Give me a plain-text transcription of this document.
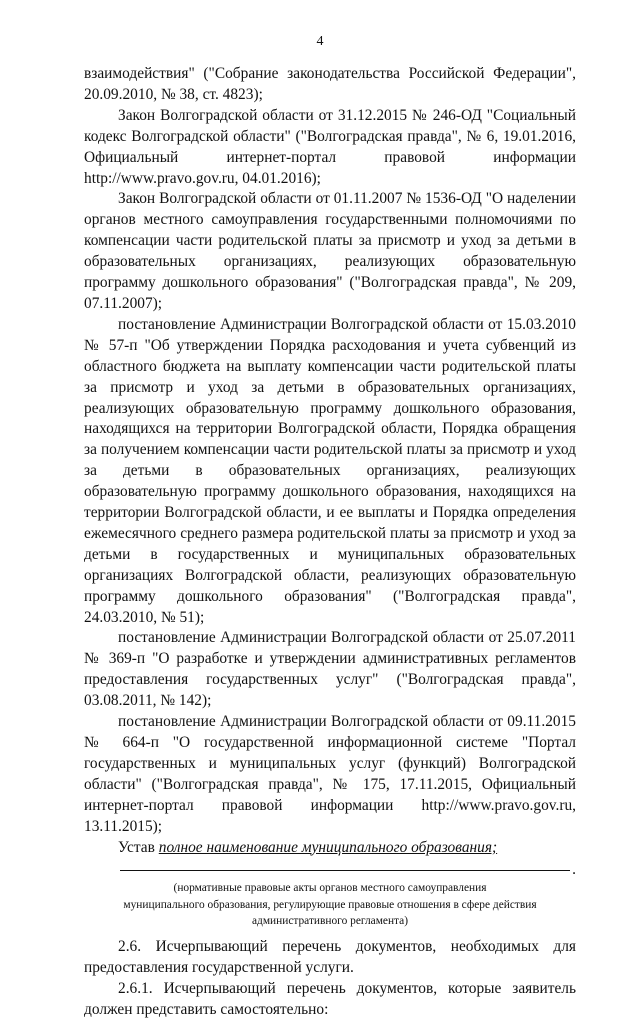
4

взаимодействия" ("Собрание законодательства Российской Федерации", 20.09.2010, № 38, ст. 4823);

Закон Волгоградской области от 31.12.2015 № 246-ОД "Социальный кодекс Волгоградской области" ("Волгоградская правда", № 6, 19.01.2016, Официальный интернет-портал правовой информации http://www.pravo.gov.ru, 04.01.2016);

Закон Волгоградской области от 01.11.2007 № 1536-ОД "О наделении органов местного самоуправления государственными полномочиями по компенсации части родительской платы за присмотр и уход за детьми в образовательных организациях, реализующих образовательную программу дошкольного образования" ("Волгоградская правда", № 209, 07.11.2007);

постановление Администрации Волгоградской области от 15.03.2010 № 57-п "Об утверждении Порядка расходования и учета субвенций из областного бюджета на выплату компенсации части родительской платы за присмотр и уход за детьми в образовательных организациях, реализующих образовательную программу дошкольного образования, находящихся на территории Волгоградской области, Порядка обращения за получением компенсации части родительской платы за присмотр и уход за детьми в образовательных организациях, реализующих образовательную программу дошкольного образования, находящихся на территории Волгоградской области, и ее выплаты и Порядка определения ежемесячного среднего размера родительской платы за присмотр и уход за детьми в государственных и муниципальных образовательных организациях Волгоградской области, реализующих образовательную программу дошкольного образования" ("Волгоградская правда", 24.03.2010, № 51);

постановление Администрации Волгоградской области от 25.07.2011 № 369-п "О разработке и утверждении административных регламентов предоставления государственных услуг" ("Волгоградская правда", 03.08.2011, № 142);

постановление Администрации Волгоградской области от 09.11.2015 № 664-п "О государственной информационной системе "Портал государственных и муниципальных услуг (функций) Волгоградской области" ("Волгоградская правда", № 175, 17.11.2015, Официальный интернет-портал правовой информации http://www.pravo.gov.ru, 13.11.2015);

Устав полное наименование муниципального образования;

.

(нормативные правовые акты органов местного самоуправления
муниципального образования, регулирующие правовые отношения в сфере действия
административного регламента)

2.6. Исчерпывающий перечень документов, необходимых для предоставления государственной услуги.

2.6.1. Исчерпывающий перечень документов, которые заявитель должен представить самостоятельно:
